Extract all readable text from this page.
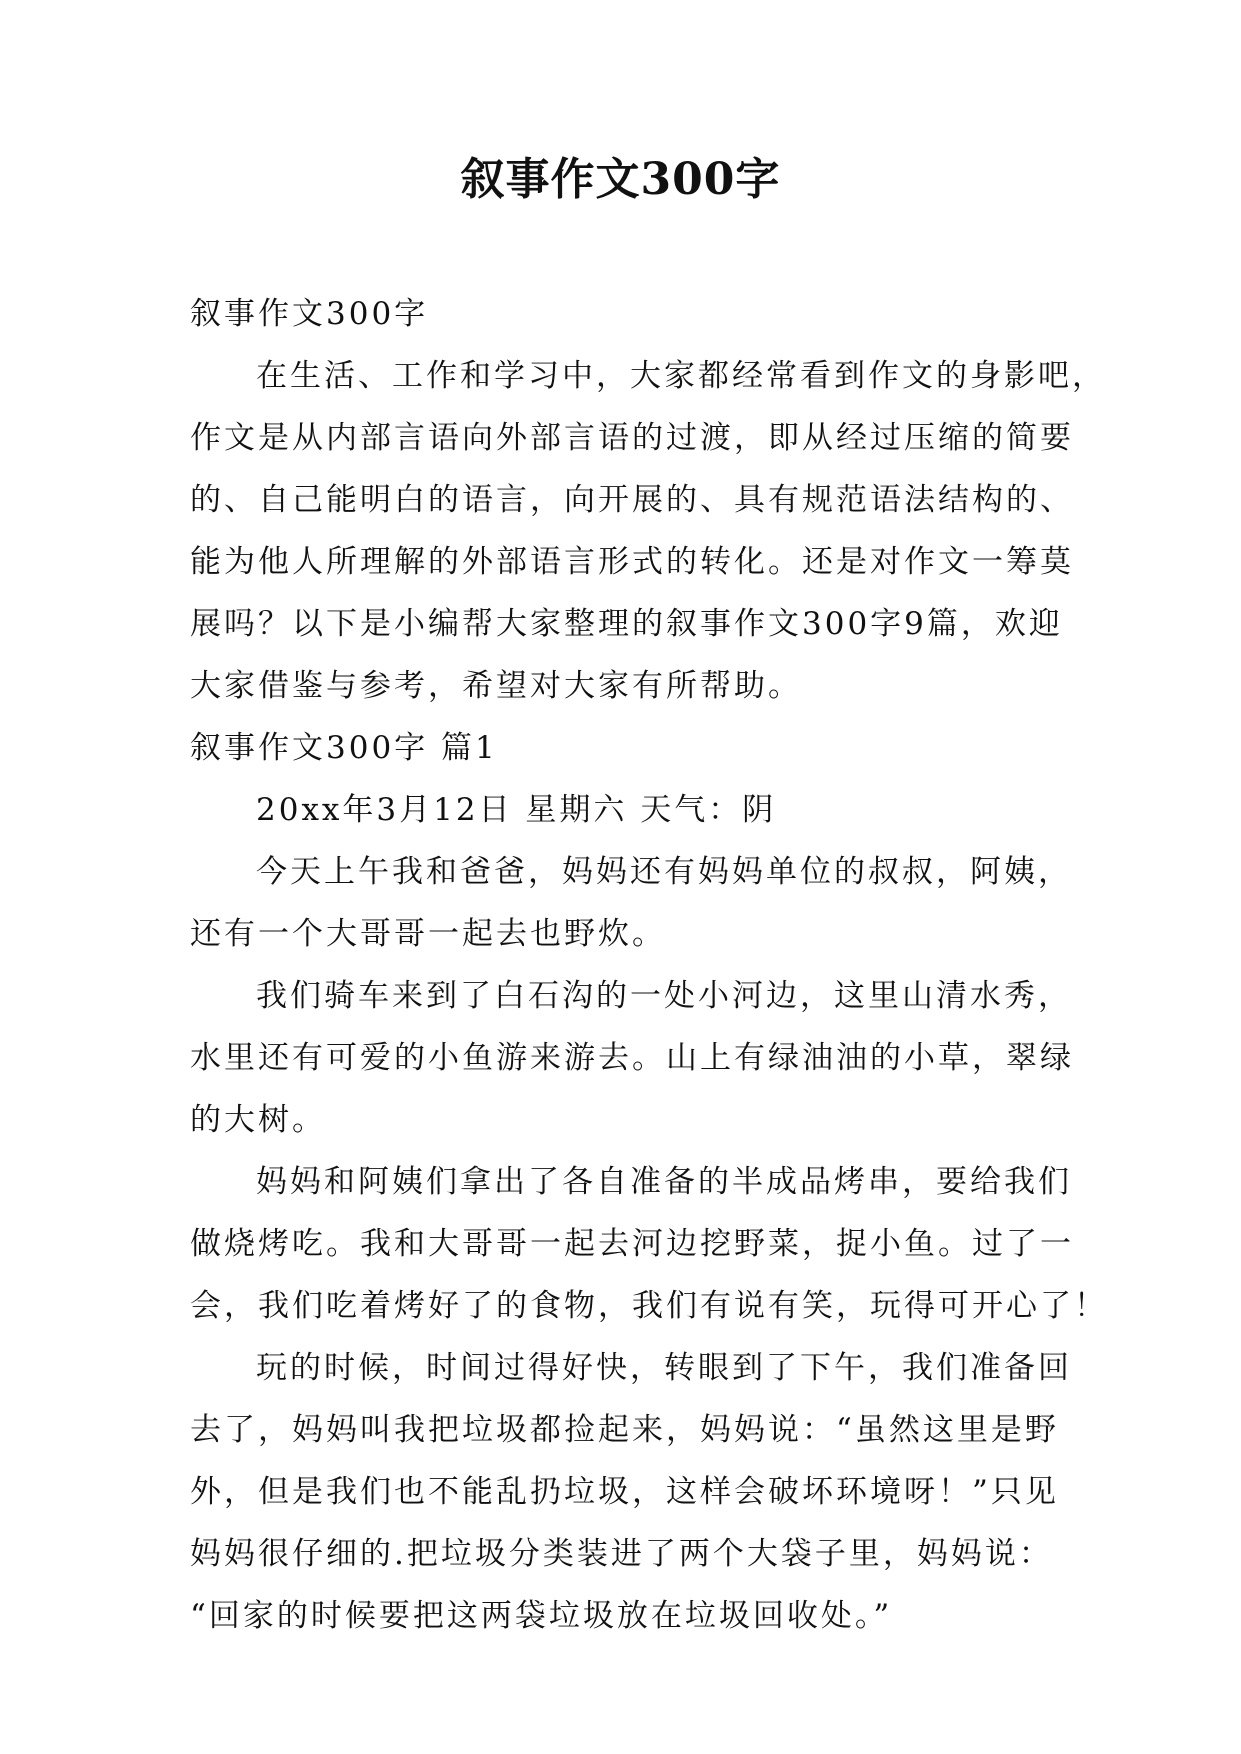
叙事作文300字
叙事作文300字
在生活、工作和学习中，大家都经常看到作文的身影吧，
作文是从内部言语向外部言语的过渡，即从经过压缩的简要
的、自己能明白的语言，向开展的、具有规范语法结构的、
能为他人所理解的外部语言形式的转化。还是对作文一筹莫
展吗？以下是小编帮大家整理的叙事作文300字9篇，欢迎
大家借鉴与参考，希望对大家有所帮助。
叙事作文300字 篇1
20xx年3月12日 星期六 天气：阴
今天上午我和爸爸，妈妈还有妈妈单位的叔叔，阿姨，
还有一个大哥哥一起去也野炊。
我们骑车来到了白石沟的一处小河边，这里山清水秀，
水里还有可爱的小鱼游来游去。山上有绿油油的小草，翠绿
的大树。
妈妈和阿姨们拿出了各自准备的半成品烤串，要给我们
做烧烤吃。我和大哥哥一起去河边挖野菜，捉小鱼。过了一
会，我们吃着烤好了的食物，我们有说有笑，玩得可开心了！
玩的时候，时间过得好快，转眼到了下午，我们准备回
去了，妈妈叫我把垃圾都捡起来，妈妈说：“虽然这里是野
外，但是我们也不能乱扔垃圾，这样会破坏环境呀！”只见
妈妈很仔细的.把垃圾分类装进了两个大袋子里，妈妈说：
“回家的时候要把这两袋垃圾放在垃圾回收处。”
